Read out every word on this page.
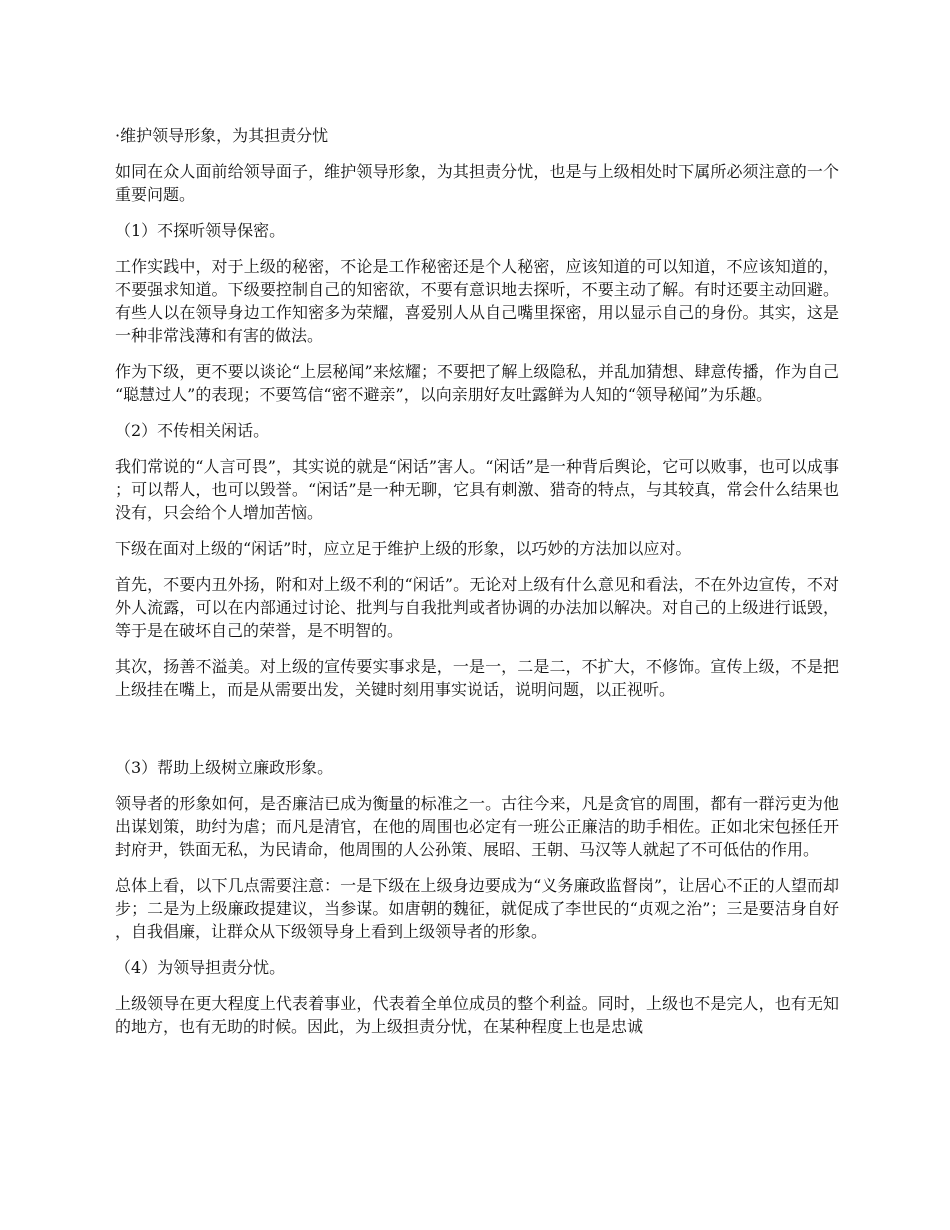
·维护领导形象，为其担责分忧

如同在众人面前给领导面子，维护领导形象，为其担责分忧，也是与上级相处时下属所必须注意的一个重要问题。

（1）不探听领导保密。

工作实践中，对于上级的秘密，不论是工作秘密还是个人秘密，应该知道的可以知道，不应该知道的，不要强求知道。下级要控制自己的知密欲，不要有意识地去探听，不要主动了解。有时还要主动回避。有些人以在领导身边工作知密多为荣耀，喜爱别人从自己嘴里探密，用以显示自己的身份。其实，这是一种非常浅薄和有害的做法。

作为下级，更不要以谈论“上层秘闻”来炫耀；不要把了解上级隐私，并乱加猜想、肆意传播，作为自己“聪慧过人”的表现；不要笃信“密不避亲”，以向亲朋好友吐露鲜为人知的“领导秘闻”为乐趣。

（2）不传相关闲话。

我们常说的“人言可畏”，其实说的就是“闲话”害人。“闲话”是一种背后舆论，它可以败事，也可以成事；可以帮人，也可以毁誉。“闲话”是一种无聊，它具有刺激、猎奇的特点，与其较真，常会什么结果也没有，只会给个人增加苦恼。

下级在面对上级的“闲话”时，应立足于维护上级的形象，以巧妙的方法加以应对。

首先，不要内丑外扬，附和对上级不利的“闲话”。无论对上级有什么意见和看法，不在外边宣传，不对外人流露，可以在内部通过讨论、批判与自我批判或者协调的办法加以解决。对自己的上级进行诋毁，等于是在破坏自己的荣誉，是不明智的。

其次，扬善不溢美。对上级的宣传要实事求是，一是一，二是二，不扩大，不修饰。宣传上级，不是把上级挂在嘴上，而是从需要出发，关键时刻用事实说话，说明问题，以正视听。

（3）帮助上级树立廉政形象。

领导者的形象如何，是否廉洁已成为衡量的标准之一。古往今来，凡是贪官的周围，都有一群污吏为他出谋划策，助纣为虐；而凡是清官，在他的周围也必定有一班公正廉洁的助手相佐。正如北宋包拯任开封府尹，铁面无私，为民请命，他周围的人公孙策、展昭、王朝、马汉等人就起了不可低估的作用。

总体上看，以下几点需要注意：一是下级在上级身边要成为“义务廉政监督岗”，让居心不正的人望而却步；二是为上级廉政提建议，当参谋。如唐朝的魏征，就促成了李世民的“贞观之治”；三是要洁身自好，自我倡廉，让群众从下级领导身上看到上级领导者的形象。

（4）为领导担责分忧。

上级领导在更大程度上代表着事业，代表着全单位成员的整个利益。同时，上级也不是完人，也有无知的地方，也有无助的时候。因此，为上级担责分忧，在某种程度上也是忠诚
